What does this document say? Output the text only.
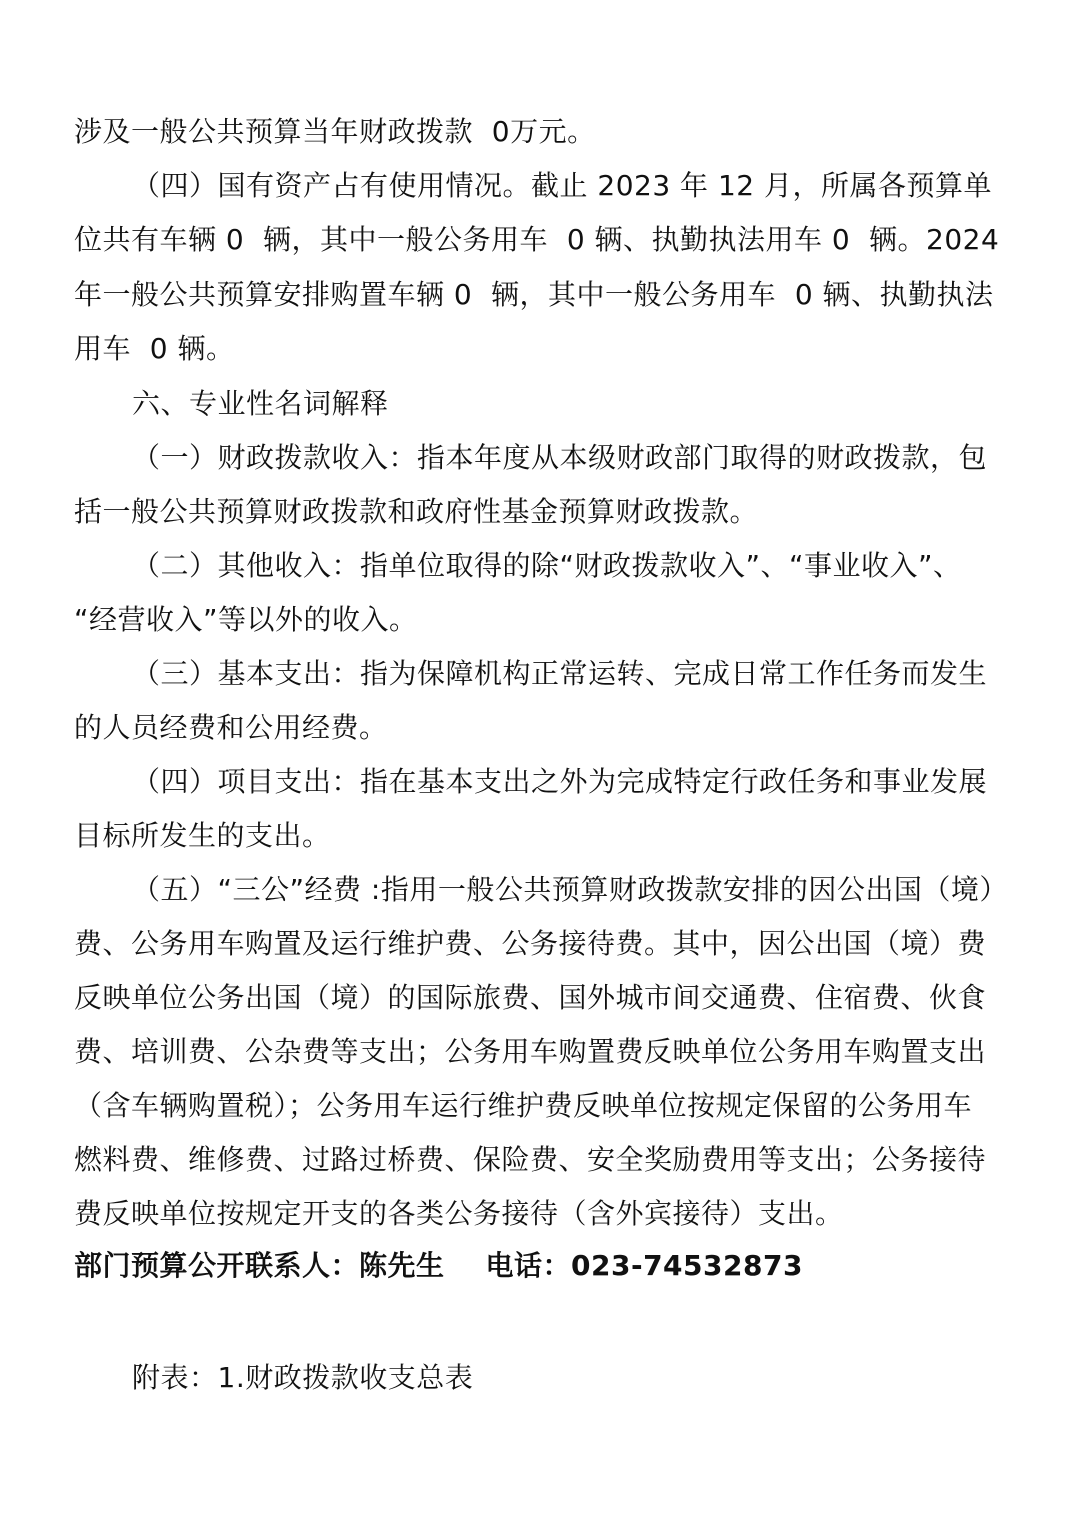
涉及一般公共预算当年财政拨款  0万元。
（四）国有资产占有使用情况。截止 2023 年 12 月，所属各预算单
位共有车辆 0  辆，其中一般公务用车  0 辆、执勤执法用车 0  辆。2024
年一般公共预算安排购置车辆 0  辆，其中一般公务用车  0 辆、执勤执法
用车  0 辆。
六、专业性名词解释
（一）财政拨款收入：指本年度从本级财政部门取得的财政拨款，包
括一般公共预算财政拨款和政府性基金预算财政拨款。
（二）其他收入：指单位取得的除“财政拨款收入”、“事业收入”、
“经营收入”等以外的收入。
（三）基本支出：指为保障机构正常运转、完成日常工作任务而发生
的人员经费和公用经费。
（四）项目支出：指在基本支出之外为完成特定行政任务和事业发展
目标所发生的支出。
（五）“三公”经费 :指用一般公共预算财政拨款安排的因公出国（境）
费、公务用车购置及运行维护费、公务接待费。其中，因公出国（境）费
反映单位公务出国（境）的国际旅费、国外城市间交通费、住宿费、伙食
费、培训费、公杂费等支出；公务用车购置费反映单位公务用车购置支出
（含车辆购置税）；公务用车运行维护费反映单位按规定保留的公务用车
燃料费、维修费、过路过桥费、保险费、安全奖励费用等支出；公务接待
费反映单位按规定开支的各类公务接待（含外宾接待）支出。
部门预算公开联系人：陈先生    电话：023-74532873
附表：1.财政拨款收支总表
